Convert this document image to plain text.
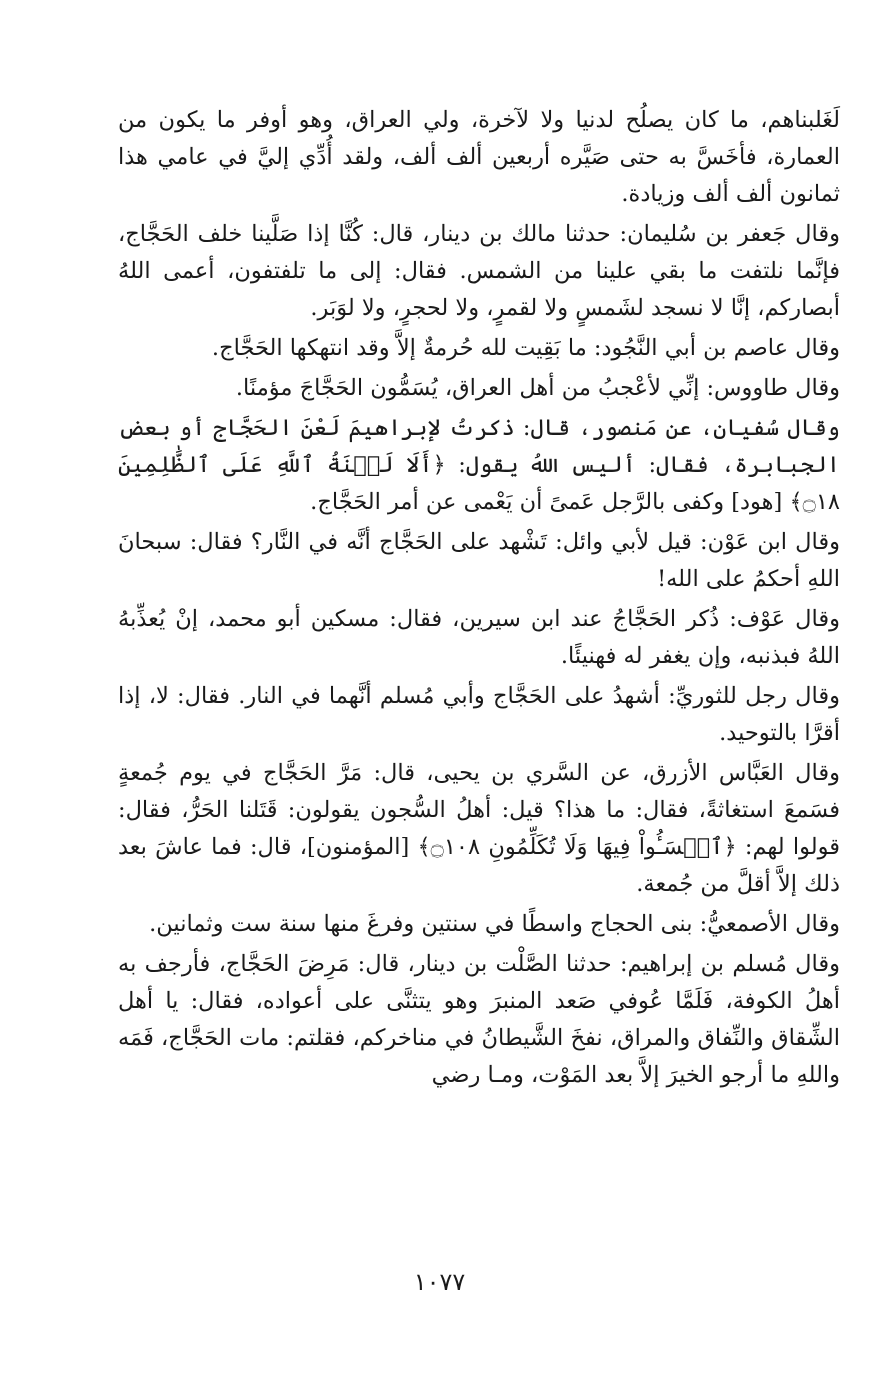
لَغَلبناهم، ما كان يصلُح لدنيا ولا لآخرة، ولي العراق، وهو أوفر ما يكون من العمارة، فأخَسَّ به حتى صَيَّره أربعين ألف ألف، ولقد أُدِّي إليَّ في عامي هذا ثمانون ألف ألف وزيادة.

وقال جَعفر بن سُليمان: حدثنا مالك بن دينار، قال: كُنَّا إذا صَلَّينا خلف الحَجَّاج، فإنَّما نلتفت ما بقي علينا من الشمس. فقال: إلى ما تلفتفون، أعمى اللهُ أبصاركم، إنَّا لا نسجد لشَمسٍ ولا لقمرٍ، ولا لحجرٍ، ولا لوَبَر.

وقال عاصم بن أبي النَّجُود: ما بَقِيت لله حُرمةٌ إلاَّ وقد انتهكها الحَجَّاج.

وقال طاووس: إنِّي لأعْجبُ من أهل العراق، يُسَمُّون الحَجَّاجَ مؤمنًا.

وقال سُفيان، عن مَنصور، قال: ذكرتُ لإبراهيمَ لَعْنَ الحَجَّاج أو بعض الجبابرة، فقال: أليس اللهُ يقول: ﴿أَلَا لَعۡنَةُ ٱللَّهِ عَلَى ٱلظَّٰلِمِينَ ۝١٨﴾ [هود] وكفى بالرَّجل عَمىً أن يَعْمى عن أمر الحَجَّاج.

وقال ابن عَوْن: قيل لأبي وائل: تَشْهد على الحَجَّاج أنَّه في النَّار؟ فقال: سبحانَ اللهِ أحكمُ على الله!

وقال عَوْف: ذُكر الحَجَّاجُ عند ابن سيرين، فقال: مسكين أبو محمد، إنْ يُعذِّبهُ اللهُ فبذنبه، وإن يغفر له فهنيئًا.

وقال رجل للثوريِّ: أشهدُ على الحَجَّاج وأبي مُسلم أنَّهما في النار. فقال: لا، إذا أقرَّا بالتوحيد.

وقال العَبَّاس الأزرق، عن السَّري بن يحيى، قال: مَرَّ الحَجَّاج في يوم جُمعةٍ فسَمعَ استغاثةً، فقال: ما هذا؟ قيل: أهلُ السُّجون يقولون: قَتَلنا الحَرُّ، فقال: قولوا لهم: ﴿ٱخۡسَـُٔواْ فِيهَا وَلَا تُكَلِّمُونِ ۝١٠٨﴾ [المؤمنون]، قال: فما عاشَ بعد ذلك إلاَّ أقلَّ من جُمعة.

وقال الأصمعيُّ: بنى الحجاج واسطًا في سنتين وفرغَ منها سنة ست وثمانين.

وقال مُسلم بن إبراهيم: حدثنا الصَّلْت بن دينار، قال: مَرِضَ الحَجَّاج، فأرجف به أهلُ الكوفة، فَلَمَّا عُوفي صَعد المنبرَ وهو يتثنَّى على أعواده، فقال: يا أهل الشِّقاق والنِّفاق والمراق، نفخَ الشَّيطانُ في مناخركم، فقلتم: مات الحَجَّاج، فَمَه واللهِ ما أرجو الخيرَ إلاَّ بعد المَوْت، ومـا رضي

١٠٧٧
